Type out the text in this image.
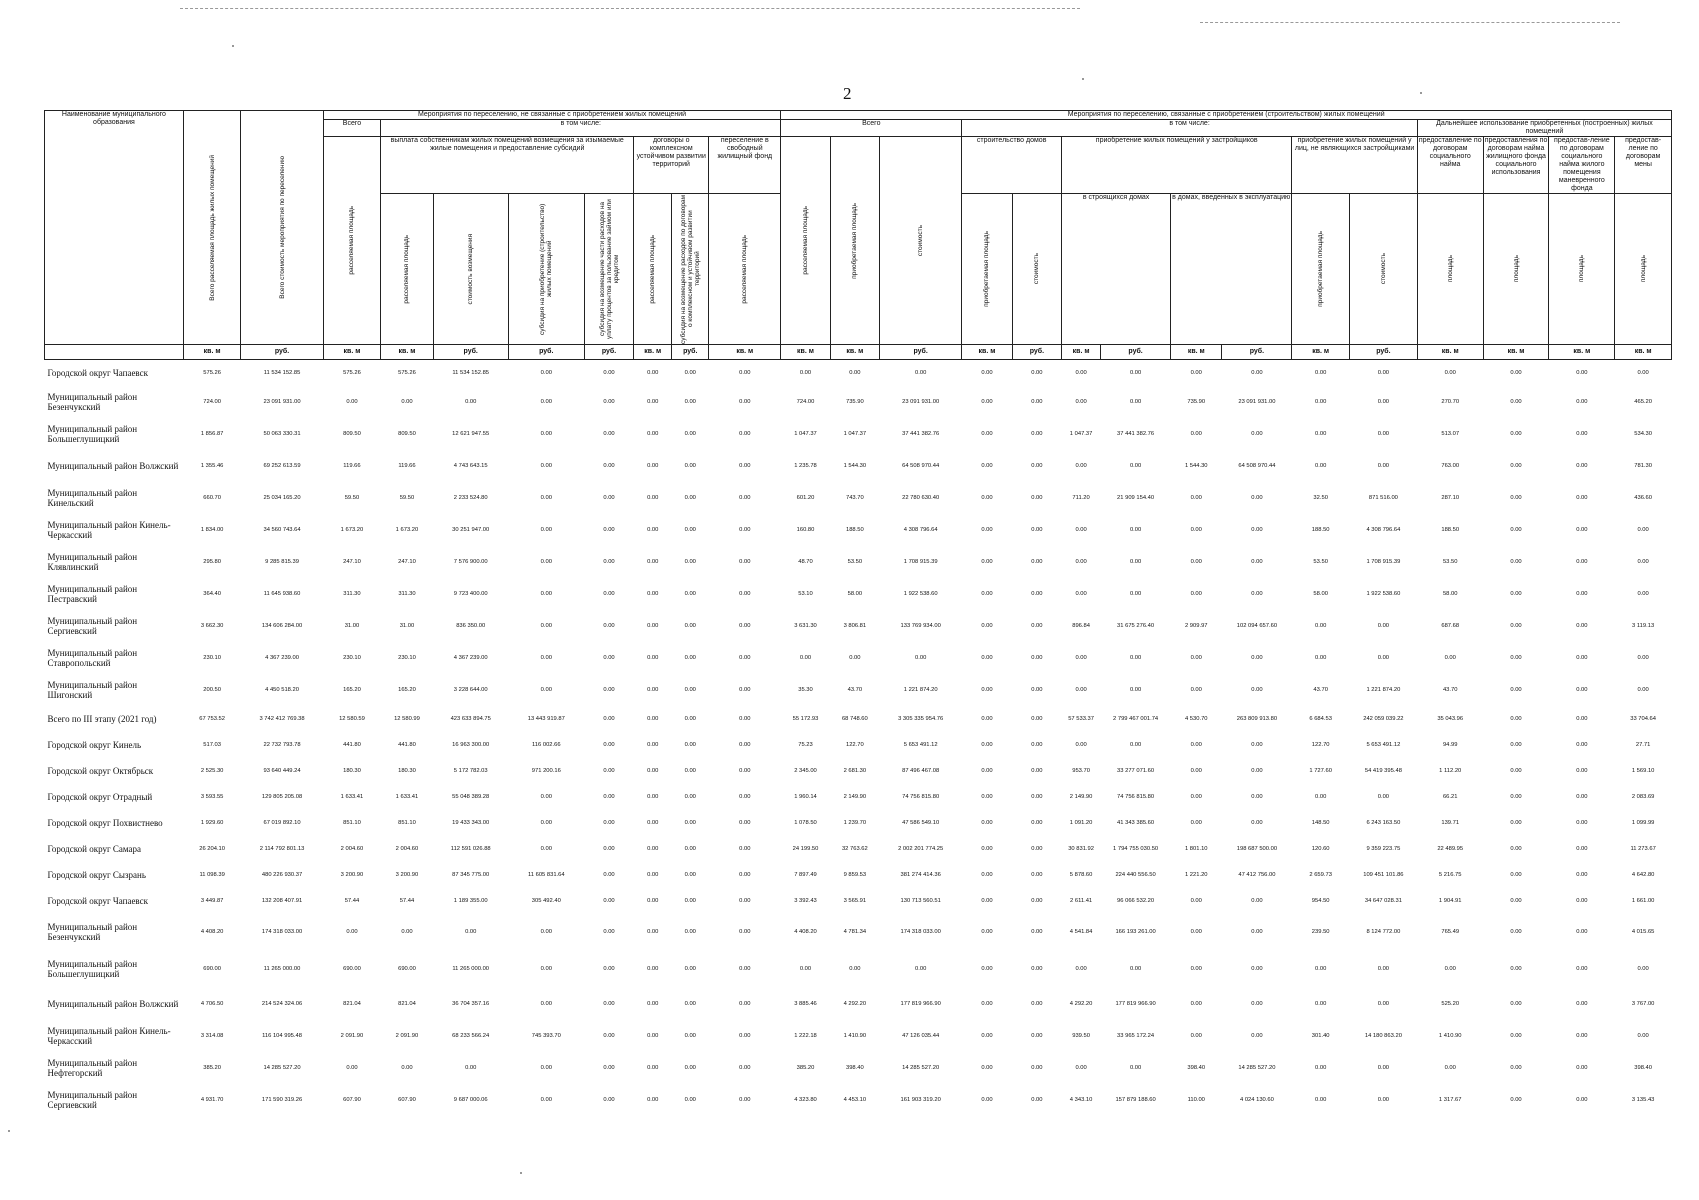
2
Наименование муниципального образования	Всего расселяемая площадь жилых помещений	Всего стоимость мероприятия по переселению	Мероприятия по переселению, не связанные с приобретением жилых помещений								Мероприятия по переселению, связанные с приобретением (строительством) жилых помещений														
			Всего	в том числе:							Всего			в том числе:								Дальнейшее использование приобретенных (построенных) жилых помещений			

			расселяемая площадь	выплата собственникам жилых помещений возмещения за изымаемые жилые помещения и предоставление субсидий				договоры о комплексном устойчивом развитии территорий		переселение в свободный жилищный фонд	расселяемая площадь	приобретаемая площадь	стоимость	строительство домов		приобретение жилых помещений у застройщиков				приобретение жилых помещений у лиц, не являющихся застройщиками		предоставление по договорам социального найма	предоставления по договорам найма жилищного фонда социального использования	предостав-ление по договорам социального найма жилого помещения маневренного фонда	предостав-ление по договорам мены

				расселяемая площадь	стоимость возмещения	субсидия на приобретение (строительство) жилых помещений	субсидия на возмещение части расходов на уплату процентов за пользование займом или кредитом	расселяемая площадь	субсидия на возмещение расходов по договорам о комплексном и устойчивом развитии территорий	расселяемая площадь				приобретаемая площадь	стоимость	в строящихся домах		в домах, введенных в эксплуатацию		приобретаемая площадь	стоимость	площадь	площадь	площадь	площадь

	кв. м	руб.	кв. м	кв. м	руб.	руб.	руб.	кв. м	руб.	кв. м	кв. м	кв. м	руб.	кв. м	руб.	кв. м	руб.	кв. м	руб.	кв. м	руб.	кв. м	кв. м	кв. м	кв. м
Городской округ Чапаевск	575.26	11 534 152.85	575.26	575.26	11 534 152.85	0.00	0.00	0.00	0.00	0.00	0.00	0.00	0.00	0.00	0.00	0.00	0.00	0.00	0.00	0.00	0.00	0.00	0.00	0.00	0.00
Муниципальный район Безенчукский	724.00	23 091 931.00	0.00	0.00	0.00	0.00	0.00	0.00	0.00	0.00	724.00	735.90	23 091 931.00	0.00	0.00	0.00	0.00	735.90	23 091 931.00	0.00	0.00	270.70	0.00	0.00	465.20
Муниципальный район Большеглушицкий	1 856.87	50 063 330.31	809.50	809.50	12 621 947.55	0.00	0.00	0.00	0.00	0.00	1 047.37	1 047.37	37 441 382.76	0.00	0.00	1 047.37	37 441 382.76	0.00	0.00	0.00	0.00	513.07	0.00	0.00	534.30
Муниципальный район Волжский	1 355.46	69 252 613.59	119.66	119.66	4 743 643.15	0.00	0.00	0.00	0.00	0.00	1 235.78	1 544.30	64 508 970.44	0.00	0.00	0.00	0.00	1 544.30	64 508 970.44	0.00	0.00	763.00	0.00	0.00	781.30
Муниципальный район Кинельский	660.70	25 034 165.20	59.50	59.50	2 233 524.80	0.00	0.00	0.00	0.00	0.00	601.20	743.70	22 780 630.40	0.00	0.00	711.20	21 909 154.40	0.00	0.00	32.50	871 516.00	287.10	0.00	0.00	436.60
Муниципальный район Кинель-Черкасский	1 834.00	34 560 743.64	1 673.20	1 673.20	30 251 947.00	0.00	0.00	0.00	0.00	0.00	160.80	188.50	4 308 796.64	0.00	0.00	0.00	0.00	0.00	0.00	188.50	4 308 796.64	188.50	0.00	0.00	0.00
Муниципальный район Клявлинский	295.80	9 285 815.39	247.10	247.10	7 576 900.00	0.00	0.00	0.00	0.00	0.00	48.70	53.50	1 708 915.39	0.00	0.00	0.00	0.00	0.00	0.00	53.50	1 708 915.39	53.50	0.00	0.00	0.00
Муниципальный район Пестравский	364.40	11 645 938.60	311.30	311.30	9 723 400.00	0.00	0.00	0.00	0.00	0.00	53.10	58.00	1 922 538.60	0.00	0.00	0.00	0.00	0.00	0.00	58.00	1 922 538.60	58.00	0.00	0.00	0.00
Муниципальный район Сергиевский	3 662.30	134 606 284.00	31.00	31.00	836 350.00	0.00	0.00	0.00	0.00	0.00	3 631.30	3 806.81	133 769 934.00	0.00	0.00	896.84	31 675 276.40	2 909.97	102 094 657.60	0.00	0.00	687.68	0.00	0.00	3 119.13
Муниципальный район Ставропольский	230.10	4 367 239.00	230.10	230.10	4 367 239.00	0.00	0.00	0.00	0.00	0.00	0.00	0.00	0.00	0.00	0.00	0.00	0.00	0.00	0.00	0.00	0.00	0.00	0.00	0.00	0.00
Муниципальный район Шигонский	200.50	4 450 518.20	165.20	165.20	3 228 644.00	0.00	0.00	0.00	0.00	0.00	35.30	43.70	1 221 874.20	0.00	0.00	0.00	0.00	0.00	0.00	43.70	1 221 874.20	43.70	0.00	0.00	0.00
Всего по III этапу (2021 год)	67 753.52	3 742 412 769.38	12 580.59	12 580.99	423 633 894.75	13 443 919.87	0.00	0.00	0.00	0.00	55 172.93	68 748.60	3 305 335 954.76	0.00	0.00	57 533.37	2 799 467 001.74	4 530.70	263 809 913.80	6 684.53	242 059 039.22	35 043.96	0.00	0.00	33 704.64
Городской округ Кинель	517.03	22 732 793.78	441.80	441.80	16 963 300.00	116 002.66	0.00	0.00	0.00	0.00	75.23	122.70	5 653 491.12	0.00	0.00	0.00	0.00	0.00	0.00	122.70	5 653 491.12	94.99	0.00	0.00	27.71
Городской округ Октябрьск	2 525.30	93 640 449.24	180.30	180.30	5 172 782.03	971 200.16	0.00	0.00	0.00	0.00	2 345.00	2 681.30	87 496 467.08	0.00	0.00	953.70	33 277 071.60	0.00	0.00	1 727.60	54 419 395.48	1 112.20	0.00	0.00	1 569.10
Городской округ Отрадный	3 593.55	129 805 205.08	1 633.41	1 633.41	55 048 389.28	0.00	0.00	0.00	0.00	0.00	1 960.14	2 149.90	74 756 815.80	0.00	0.00	2 149.90	74 756 815.80	0.00	0.00	0.00	0.00	66.21	0.00	0.00	2 083.69
Городской округ Похвистнево	1 929.60	67 019 892.10	851.10	851.10	19 433 343.00	0.00	0.00	0.00	0.00	0.00	1 078.50	1 239.70	47 586 549.10	0.00	0.00	1 091.20	41 343 385.60	0.00	0.00	148.50	6 243 163.50	139.71	0.00	0.00	1 099.99
Городской округ Самара	26 204.10	2 114 792 801.13	2 004.60	2 004.60	112 591 026.88	0.00	0.00	0.00	0.00	0.00	24 199.50	32 763.62	2 002 201 774.25	0.00	0.00	30 831.92	1 794 755 030.50	1 801.10	198 687 500.00	120.60	9 359 223.75	22 489.95	0.00	0.00	11 273.67
Городской округ Сызрань	11 098.39	480 226 930.37	3 200.90	3 200.90	87 345 775.00	11 605 831.64	0.00	0.00	0.00	0.00	7 897.49	9 859.53	381 274 414.36	0.00	0.00	5 878.60	224 440 556.50	1 221.20	47 412 756.00	2 659.73	109 451 101.86	5 216.75	0.00	0.00	4 642.80
Городской округ Чапаевск	3 449.87	132 208 407.91	57.44	57.44	1 189 355.00	305 492.40	0.00	0.00	0.00	0.00	3 392.43	3 565.91	130 713 560.51	0.00	0.00	2 611.41	96 066 532.20	0.00	0.00	954.50	34 647 028.31	1 904.91	0.00	0.00	1 661.00
Муниципальный район Безенчукский	4 408.20	174 318 033.00	0.00	0.00	0.00	0.00	0.00	0.00	0.00	0.00	4 408.20	4 781.34	174 318 033.00	0.00	0.00	4 541.84	166 193 261.00	0.00	0.00	239.50	8 124 772.00	765.49	0.00	0.00	4 015.65
Муниципальный район Большеглушицкий	690.00	11 265 000.00	690.00	690.00	11 265 000.00	0.00	0.00	0.00	0.00	0.00	0.00	0.00	0.00	0.00	0.00	0.00	0.00	0.00	0.00	0.00	0.00	0.00	0.00	0.00	0.00
Муниципальный район Волжский	4 706.50	214 524 324.06	821.04	821.04	36 704 357.16	0.00	0.00	0.00	0.00	0.00	3 885.46	4 292.20	177 819 966.90	0.00	0.00	4 292.20	177 819 966.90	0.00	0.00	0.00	0.00	525.20	0.00	0.00	3 767.00
Муниципальный район Кинель-Черкасский	3 314.08	116 104 995.48	2 091.90	2 091.90	68 233 566.24	745 393.70	0.00	0.00	0.00	0.00	1 222.18	1 410.90	47 126 035.44	0.00	0.00	939.50	33 965 172.24	0.00	0.00	301.40	14 180 863.20	1 410.90	0.00	0.00	0.00
Муниципальный район Нефтегорский	385.20	14 285 527.20	0.00	0.00	0.00	0.00	0.00	0.00	0.00	0.00	385.20	398.40	14 285 527.20	0.00	0.00	0.00	0.00	398.40	14 285 527.20	0.00	0.00	0.00	0.00	0.00	398.40
Муниципальный район Сергиевский	4 931.70	171 590 319.26	607.90	607.90	9 687 000.06	0.00	0.00	0.00	0.00	0.00	4 323.80	4 453.10	161 903 319.20	0.00	0.00	4 343.10	157 879 188.60	110.00	4 024 130.60	0.00	0.00	1 317.67	0.00	0.00	3 135.43
